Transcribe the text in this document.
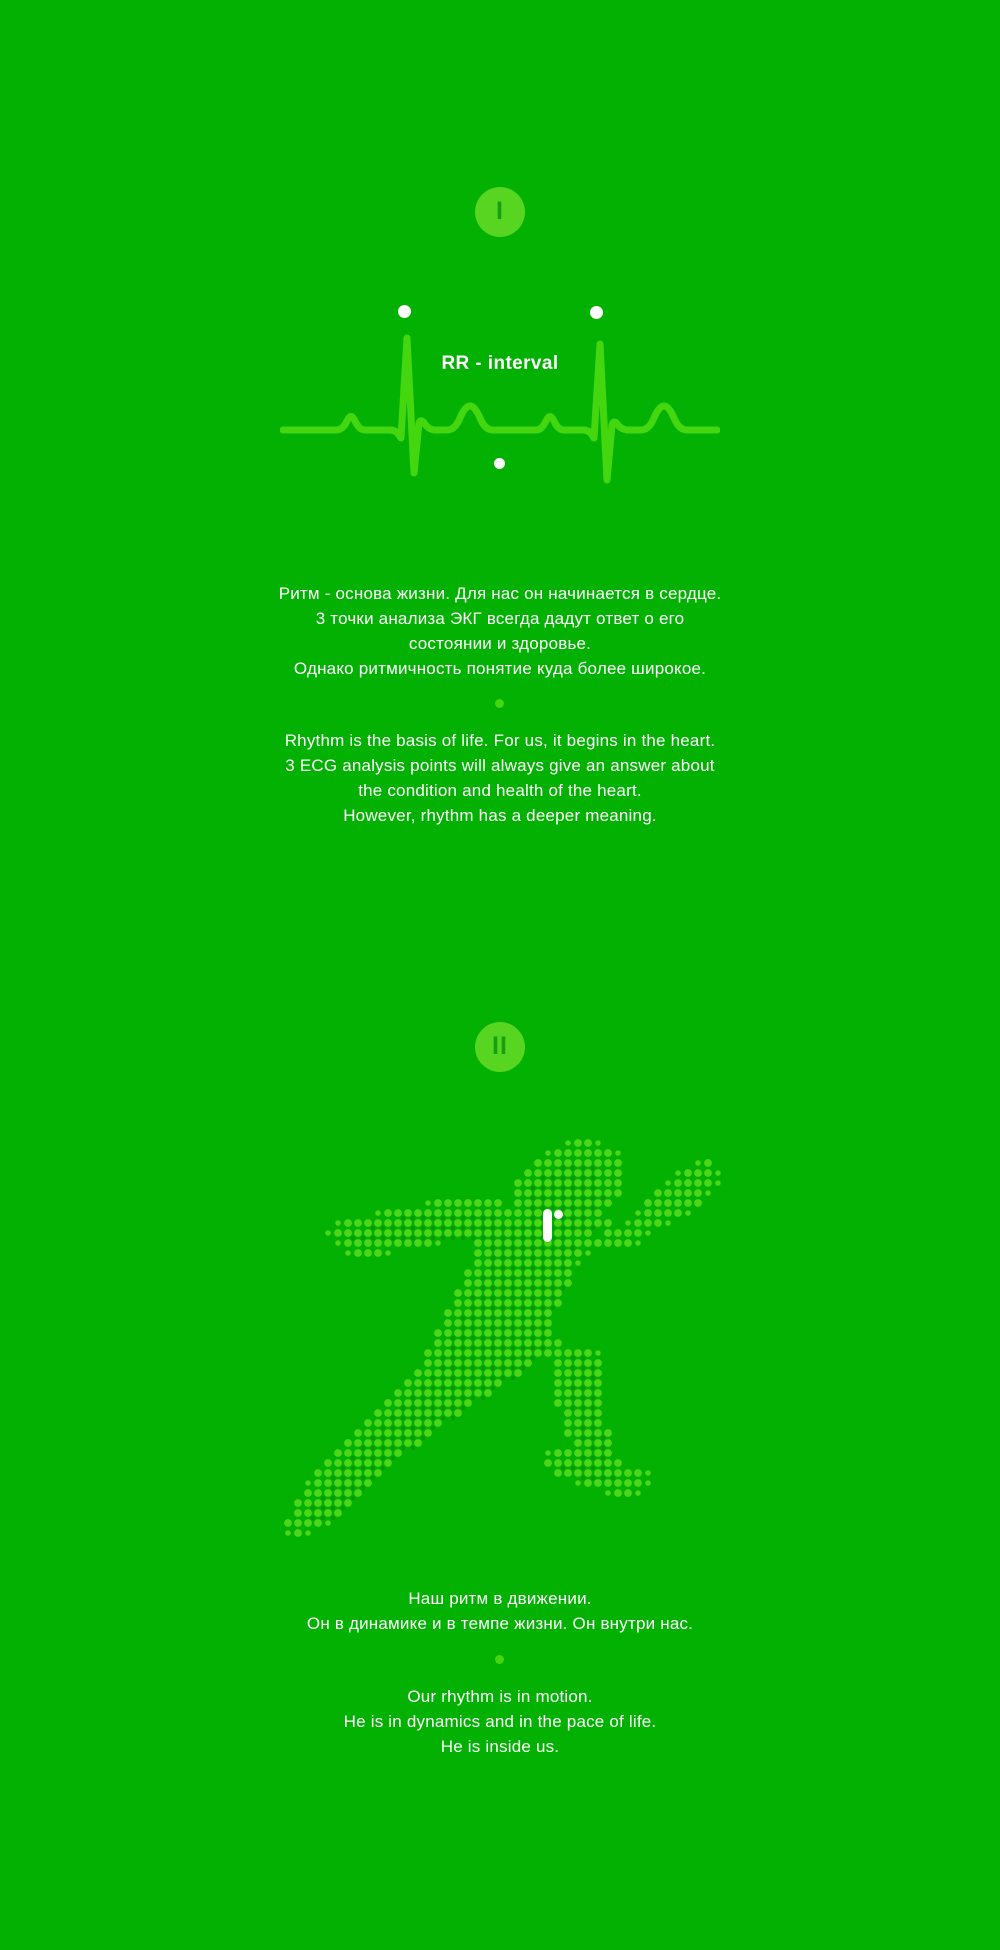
I
RR - interval
Ритм - основа жизни. Для нас он начинается в сердце.
3 точки анализа ЭКГ всегда дадут ответ о его
состоянии и здоровье.
Однако ритмичность понятие куда более широкое.
Rhythm is the basis of life. For us, it begins in the heart.
3 ECG analysis points will always give an answer about
the condition and health of the heart.
However, rhythm has a deeper meaning.
II
Наш ритм в движении.
Он в динамике и в темпе жизни. Он внутри нас.
Our rhythm is in motion.
He is in dynamics and in the pace of life.
He is inside us.
